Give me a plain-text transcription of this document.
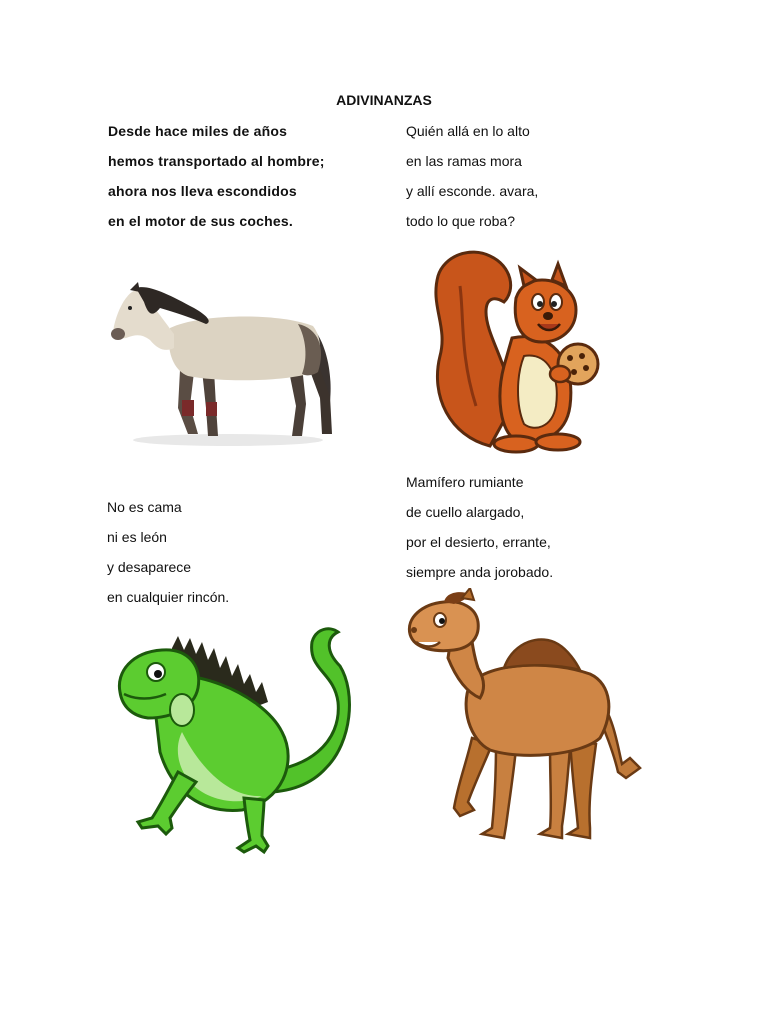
ADIVINANZAS
Desde hace miles de años
hemos transportado al hombre;
ahora nos lleva escondidos
en el motor de sus coches.
Quién allá en lo alto
en las ramas mora
y allí esconde. avara,
todo lo que roba?
No es cama
ni es león
y desaparece
en cualquier rincón.
Mamífero rumiante
de cuello alargado,
por el desierto, errante,
siempre anda jorobado.
